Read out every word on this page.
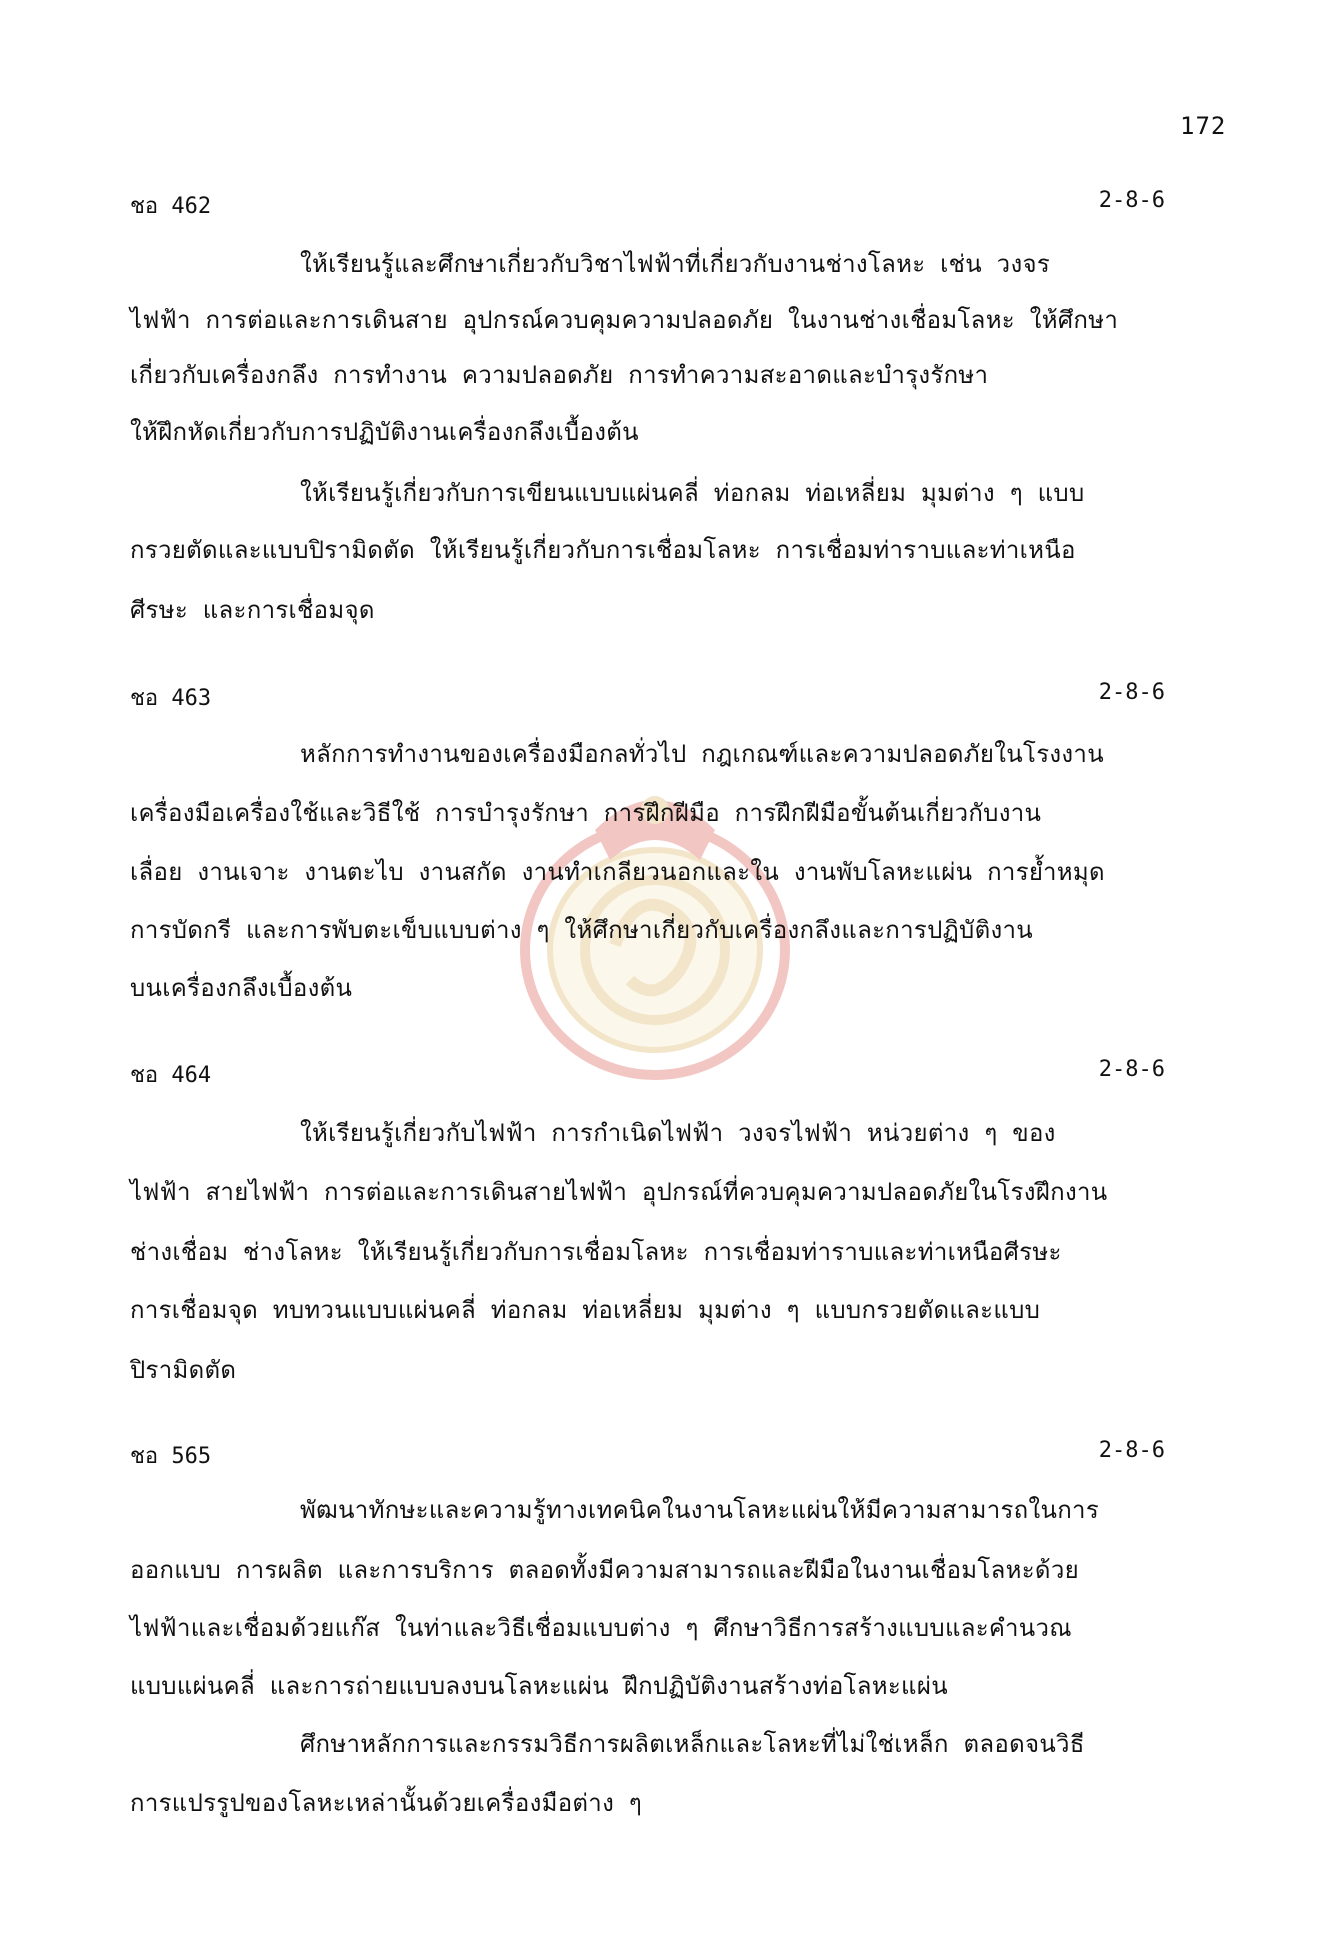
172
ชอ 462	2-8-6
ให้เรียนรู้และศึกษาเกี่ยวกับวิชาไฟฟ้าที่เกี่ยวกับงานช่างโลหะ เช่น วงจร
ไฟฟ้า การต่อและการเดินสาย อุปกรณ์ควบคุมความปลอดภัย ในงานช่างเชื่อมโลหะ ให้ศึกษา
เกี่ยวกับเครื่องกลึง การทำงาน ความปลอดภัย การทำความสะอาดและบำรุงรักษา
ให้ฝึกหัดเกี่ยวกับการปฏิบัติงานเครื่องกลึงเบื้องต้น
ให้เรียนรู้เกี่ยวกับการเขียนแบบแผ่นคลี่ ท่อกลม ท่อเหลี่ยม มุมต่าง ๆ แบบ
กรวยตัดและแบบปิรามิดตัด ให้เรียนรู้เกี่ยวกับการเชื่อมโลหะ การเชื่อมท่าราบและท่าเหนือ
ศีรษะ และการเชื่อมจุด
ชอ 463	2-8-6
หลักการทำงานของเครื่องมือกลทั่วไป กฎเกณฑ์และความปลอดภัยในโรงงาน
เครื่องมือเครื่องใช้และวิธีใช้ การบำรุงรักษา การฝึกฝีมือ การฝึกฝีมือขั้นต้นเกี่ยวกับงาน
เลื่อย งานเจาะ งานตะไบ งานสกัด งานทำเกลียวนอกและใน งานพับโลหะแผ่น การย้ำหมุด
การบัดกรี และการพับตะเข็บแบบต่าง ๆ ให้ศึกษาเกี่ยวกับเครื่องกลึงและการปฏิบัติงาน
บนเครื่องกลึงเบื้องต้น
ชอ 464	2-8-6
ให้เรียนรู้เกี่ยวกับไฟฟ้า การกำเนิดไฟฟ้า วงจรไฟฟ้า หน่วยต่าง ๆ ของ
ไฟฟ้า สายไฟฟ้า การต่อและการเดินสายไฟฟ้า อุปกรณ์ที่ควบคุมความปลอดภัยในโรงฝึกงาน
ช่างเชื่อม ช่างโลหะ ให้เรียนรู้เกี่ยวกับการเชื่อมโลหะ การเชื่อมท่าราบและท่าเหนือศีรษะ
การเชื่อมจุด ทบทวนแบบแผ่นคลี่ ท่อกลม ท่อเหลี่ยม มุมต่าง ๆ แบบกรวยตัดและแบบ
ปิรามิดตัด
ชอ 565	2-8-6
พัฒนาทักษะและความรู้ทางเทคนิคในงานโลหะแผ่นให้มีความสามารถในการ
ออกแบบ การผลิต และการบริการ ตลอดทั้งมีความสามารถและฝีมือในงานเชื่อมโลหะด้วย
ไฟฟ้าและเชื่อมด้วยแก๊ส ในท่าและวิธีเชื่อมแบบต่าง ๆ ศึกษาวิธีการสร้างแบบและคำนวณ
แบบแผ่นคลี่ และการถ่ายแบบลงบนโลหะแผ่น ฝึกปฏิบัติงานสร้างท่อโลหะแผ่น
ศึกษาหลักการและกรรมวิธีการผลิตเหล็กและโลหะที่ไม่ใช่เหล็ก ตลอดจนวิธี
การแปรรูปของโลหะเหล่านั้นด้วยเครื่องมือต่าง ๆ
